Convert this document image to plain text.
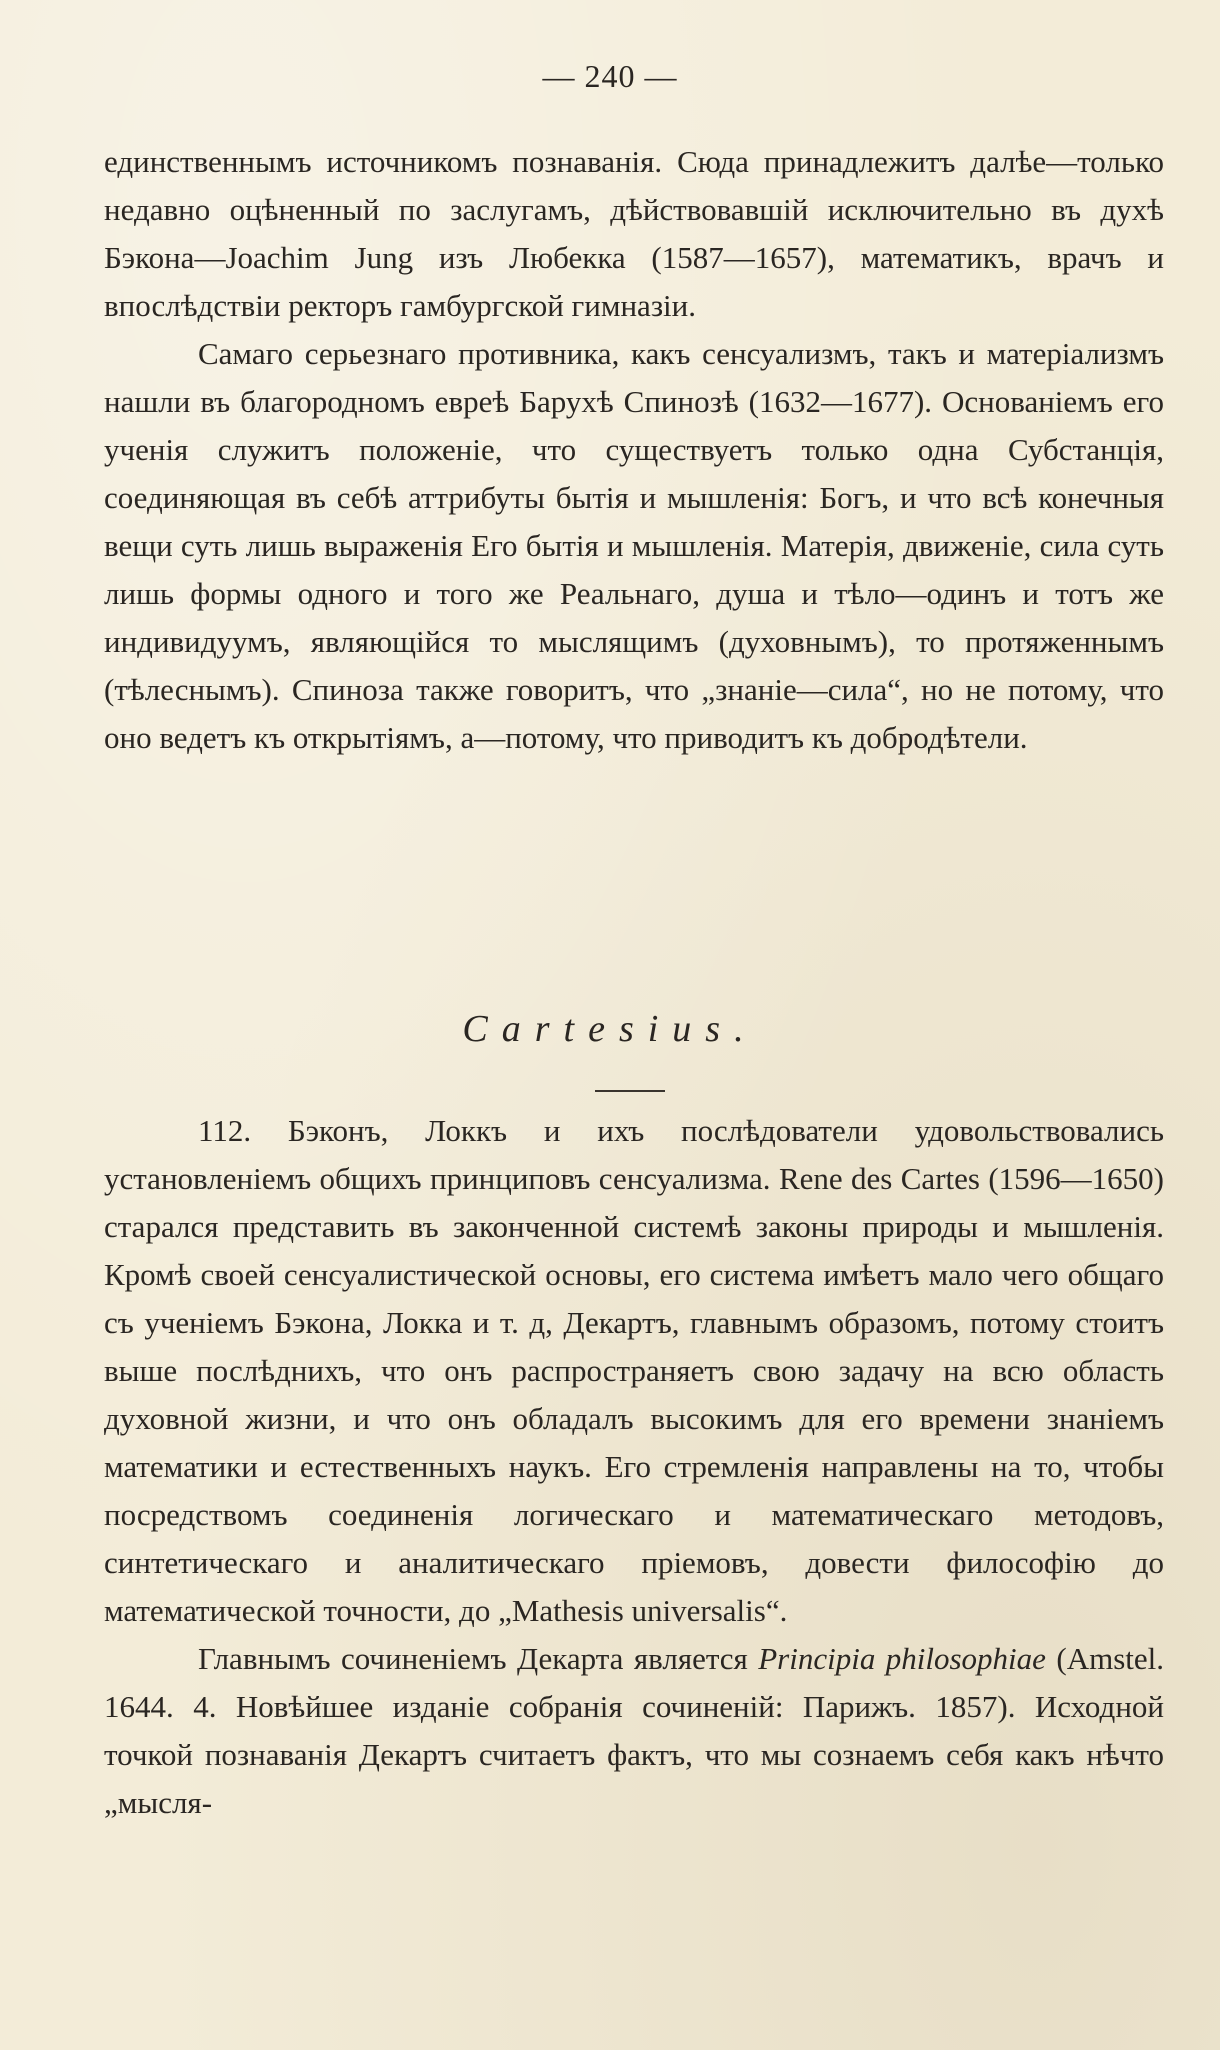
— 240 —

единственнымъ источникомъ познаванія. Сюда принадлежитъ далѣе—только недавно оцѣненный по заслугамъ, дѣйствовавшій исключительно въ духѣ Бэкона—Joachim Jung изъ Любекка (1587—1657), математикъ, врачъ и впослѣдствіи ректоръ гамбургской гимназіи.

Самаго серьезнаго противника, какъ сенсуализмъ, такъ и матеріализмъ нашли въ благородномъ евреѣ Барухѣ Спинозѣ (1632—1677). Основаніемъ его ученія служитъ положеніе, что существуетъ только одна Субстанція, соединяющая въ себѣ аттрибуты бытія и мышленія: Богъ, и что всѣ конечныя вещи суть лишь выраженія Его бытія и мышленія. Матерія, движеніе, сила суть лишь формы одного и того же Реальнаго, душа и тѣло—одинъ и тотъ же индивидуумъ, являющійся то мыслящимъ (духовнымъ), то протяженнымъ (тѣлеснымъ). Спиноза также говоритъ, что „знаніе—сила“, но не потому, что оно ведетъ къ открытіямъ, а—потому, что приводитъ къ добродѣтели.

Cartesius.

112. Бэконъ, Локкъ и ихъ послѣдователи удовольствовались установленіемъ общихъ принциповъ сенсуализма. Rene des Cartes (1596—1650) старался представить въ законченной системѣ законы природы и мышленія. Кромѣ своей сенсуалистической основы, его система имѣетъ мало чего общаго съ ученіемъ Бэкона, Локка и т. д, Декартъ, главнымъ образомъ, потому стоитъ выше послѣднихъ, что онъ распространяетъ свою задачу на всю область духовной жизни, и что онъ обладалъ высокимъ для его времени знаніемъ математики и естественныхъ наукъ. Его стремленія направлены на то, чтобы посредствомъ соединенія логическаго и математическаго методовъ, синтетическаго и аналитическаго пріемовъ, довести философію до математической точности, до „Mathesis universalis“.

Главнымъ сочиненіемъ Декарта является Principia philosophiae (Amstel. 1644. 4. Новѣйшее изданіе собранія сочиненій: Парижъ. 1857). Исходной точкой познаванія Декартъ считаетъ фактъ, что мы сознаемъ себя какъ нѣчто „мысля-
